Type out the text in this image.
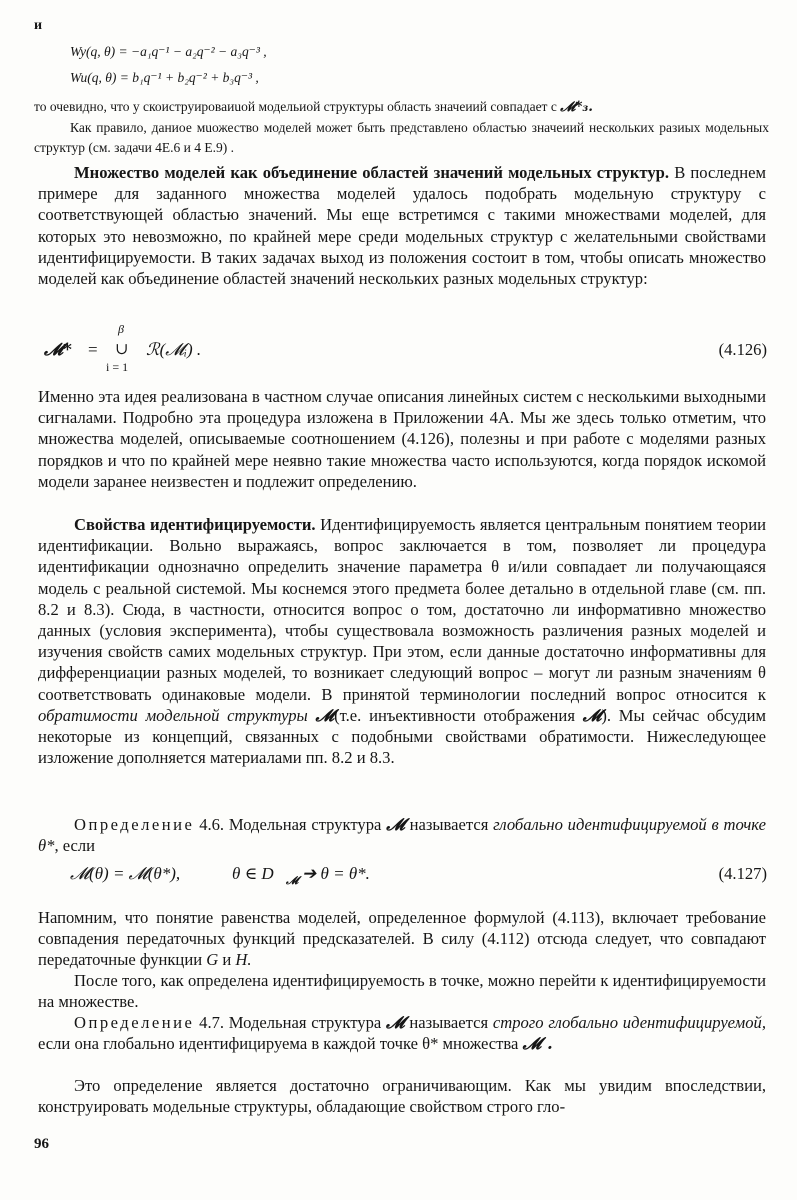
и
Wy(q, θ) = −a₁q⁻¹ − a₂q⁻² − a₃q⁻³ ,
Wu(q, θ) = b₁q⁻¹ + b₂q⁻² + b₃q⁻³ ,
то очевидно, что у скоиструироваиuой модельиой структуры область значеиий совпадает с 𝓜*₃.
Как правило, даниое мuожество моделей может быть представлено областью значеиий нескольких разиых модельных структур (см. задачи 4Е.6 и 4 Е.9) .

Множество моделей как объединение областей значений модельных структур. В последнем примере для заданного множества моделей удалось подобрать модельную структуру с соответствующей областью значений. Мы еще встретимся с такими множествами моделей, для которых это невозможно, по крайней мере среди модельных структур с желательными свойствами идентифицируемости. В таких задачах выход из положения состоит в том, чтобы описать множество моделей как объединение областей значений нескольких разных модельных структур:

𝓜* =
β
∪
i = 1
ℛ(𝓜ᵢ) .	(4.126)

Именно эта идея реализована в частном случае описания линейных систем с несколькими выходными сигналами. Подробно эта процедура изложена в Приложении 4А. Мы же здесь только отметим, что множества моделей, описываемые соотношением (4.126), полезны и при работе с моделями разных порядков и что по крайней мере неявно такие множества часто используются, когда порядок искомой модели заранее неизвестен и подлежит определению.

Свойства идентифицируемости. Идентифицируемость является центральным понятием теории идентификации. Вольно выражаясь, вопрос заключается в том, позволяет ли процедура идентификации однозначно определить значение параметра θ и/или совпадает ли получающаяся модель с реальной системой. Мы коснемся этого предмета более детально в отдельной главе (см. пп. 8.2 и 8.3). Сюда, в частности, относится вопрос о том, достаточно ли информативно множество данных (условия эксперимента), чтобы существовала возможность различения разных моделей и изучения свойств самих модельных структур. При этом, если данные достаточно информативны для дифференциации разных моделей, то возникает следующий вопрос – могут ли разным значениям θ соответствовать одинаковые модели. В принятой терминологии последний вопрос относится к обратимости модельной структуры 𝓜(т.е. инъективности отображения 𝓜). Мы сейчас обсудим некоторые из концепций, связанных с подобными свойствами обратимости. Нижеследующее изложение дополняется материалами пп. 8.2 и 8.3.

Определение 4.6. Модельная структура 𝓜 называется глобально идентифицируемой в точке θ*, если

𝓜(θ) = 𝓜(θ*),	θ ∈ D 𝓜 ➔ θ = θ*.	(4.127)

Напомним, что понятие равенства моделей, определенное формулой (4.113), включает требование совпадения передаточных функций предсказателей. В силу (4.112) отсюда следует, что совпадают передаточные функции G и H.

После того, как определена идентифицируемость в точке, можно перейти к идентифицируемости на множестве.

Определение 4.7. Модельная структура 𝓜 называется строго глобально идентифицируемой, если она глобально идентифицируема в каждой точке θ* множества 𝓜 .

Это определение является достаточно ограничивающим. Как мы увидим впоследствии, конструировать модельные структуры, обладающие свойством строго гло-

96
